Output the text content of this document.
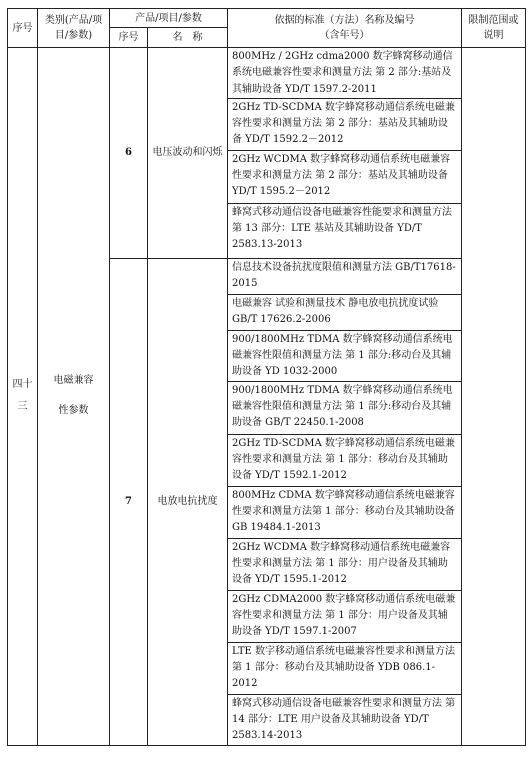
序号	类别(产品/项目/参数)	产品/项目/参数		依据的标准（方法）名称及编号（含年号）	限制范围或说明
		序号	名　称		
四十三	电磁兼容性参数	6	电压波动和闪烁	800MHz / 2GHz cdma2000 数字蜂窝移动通信系统电磁兼容性要求和测量方法 第 2 部分:基站及其辅助设备 YD/T 1597.2-2011	
				2GHz TD-SCDMA 数字蜂窝移动通信系统电磁兼容性要求和测量方法 第 2 部分：基站及其辅助设备 YD/T 1592.2－2012	
				2GHz WCDMA 数字蜂窝移动通信系统电磁兼容性要求和测量方法 第 2 部分：基站及其辅助设备 YD/T 1595.2－2012	
				蜂窝式移动通信设备电磁兼容性能要求和测量方法 第 13 部分：LTE 基站及其辅助设备 YD/T 2583.13-2013	
		7	电放电抗扰度	信息技术设备抗扰度限值和测量方法 GB/T17618-2015	
				电磁兼容 试验和测量技术 静电放电抗扰度试验 GB/T 17626.2-2006	
				900/1800MHz TDMA 数字蜂窝移动通信系统电磁兼容性限值和测量方法 第 1 部分:移动台及其辅助设备 YD 1032-2000	
				900/1800MHz TDMA 数字蜂窝移动通信系统电磁兼容性限值和测量方法 第 1 部分:移动台及其辅助设备 GB/T 22450.1-2008	
				2GHz TD-SCDMA 数字蜂窝移动通信系统电磁兼容性要求和测量方法 第 1 部分：移动台及其辅助设备 YD/T 1592.1-2012	
				800MHz CDMA 数字蜂窝移动通信系统电磁兼容性要求和测量方法第 1 部分：移动台及其辅助设备 GB 19484.1-2013	
				2GHz WCDMA 数字蜂窝移动通信系统电磁兼容性要求和测量方法 第 1 部分：用户设备及其辅助设备 YD/T 1595.1-2012	
				2GHz CDMA2000 数字蜂窝移动通信系统电磁兼容性要求和测量方法 第 1 部分：用户设备及其辅助设备 YD/T 1597.1-2007	
				LTE 数字移动通信系统电磁兼容性要求和测量方法 第 1 部分：移动台及其辅助设备 YDB 086.1-2012	
				蜂窝式移动通信设备电磁兼容性要求和测量方法 第 14 部分：LTE 用户设备及其辅助设备 YD/T 2583.14-2013	
